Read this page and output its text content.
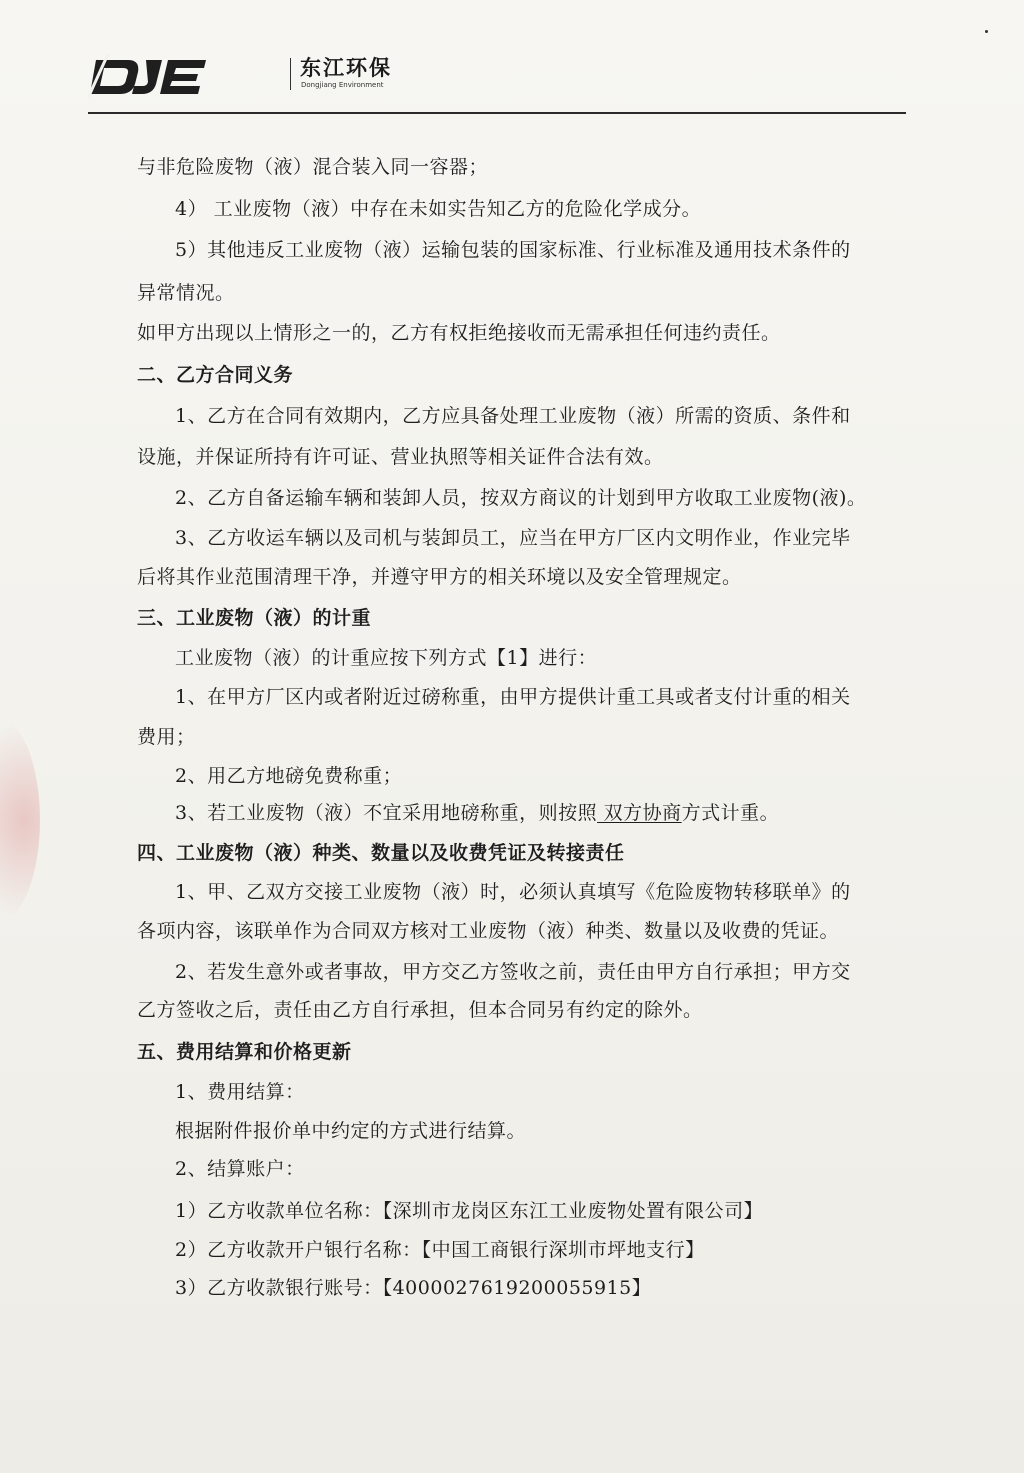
东江环保
Dongjiang Environment
与非危险废物（液）混合装入同一容器；
4） 工业废物（液）中存在未如实告知乙方的危险化学成分。
5）其他违反工业废物（液）运输包装的国家标准、行业标准及通用技术条件的
异常情况。
如甲方出现以上情形之一的，乙方有权拒绝接收而无需承担任何违约责任。
二、乙方合同义务
1、乙方在合同有效期内，乙方应具备处理工业废物（液）所需的资质、条件和
设施，并保证所持有许可证、营业执照等相关证件合法有效。
2、乙方自备运输车辆和装卸人员，按双方商议的计划到甲方收取工业废物(液)。
3、乙方收运车辆以及司机与装卸员工，应当在甲方厂区内文明作业，作业完毕
后将其作业范围清理干净，并遵守甲方的相关环境以及安全管理规定。
三、工业废物（液）的计重
工业废物（液）的计重应按下列方式【1】进行：
1、在甲方厂区内或者附近过磅称重，由甲方提供计重工具或者支付计重的相关
费用；
2、用乙方地磅免费称重；
3、若工业废物（液）不宜采用地磅称重，则按照 双方协商方式计重。
四、工业废物（液）种类、数量以及收费凭证及转接责任
1、甲、乙双方交接工业废物（液）时，必须认真填写《危险废物转移联单》的
各项内容，该联单作为合同双方核对工业废物（液）种类、数量以及收费的凭证。
2、若发生意外或者事故，甲方交乙方签收之前，责任由甲方自行承担；甲方交
乙方签收之后，责任由乙方自行承担，但本合同另有约定的除外。
五、费用结算和价格更新
1、费用结算：
根据附件报价单中约定的方式进行结算。
2、结算账户：
1）乙方收款单位名称：【深圳市龙岗区东江工业废物处置有限公司】
2）乙方收款开户银行名称：【中国工商银行深圳市坪地支行】
3）乙方收款银行账号：【4000027619200055915】
